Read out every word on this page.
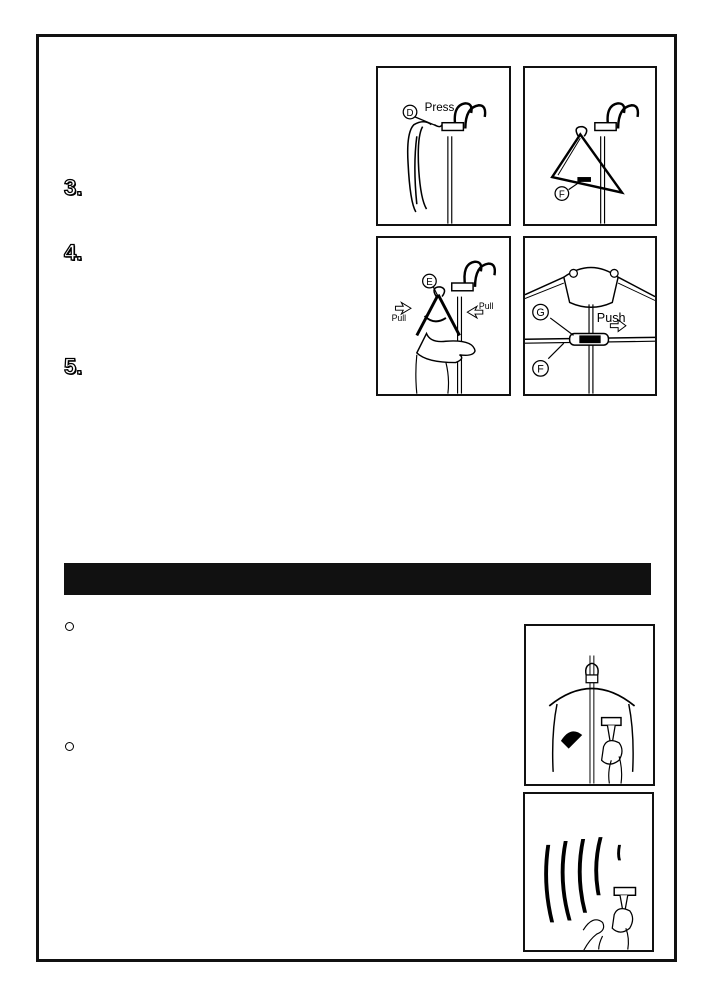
3.
4.
5.
D Press
F
E
Pull
Pull
G
F
Push
